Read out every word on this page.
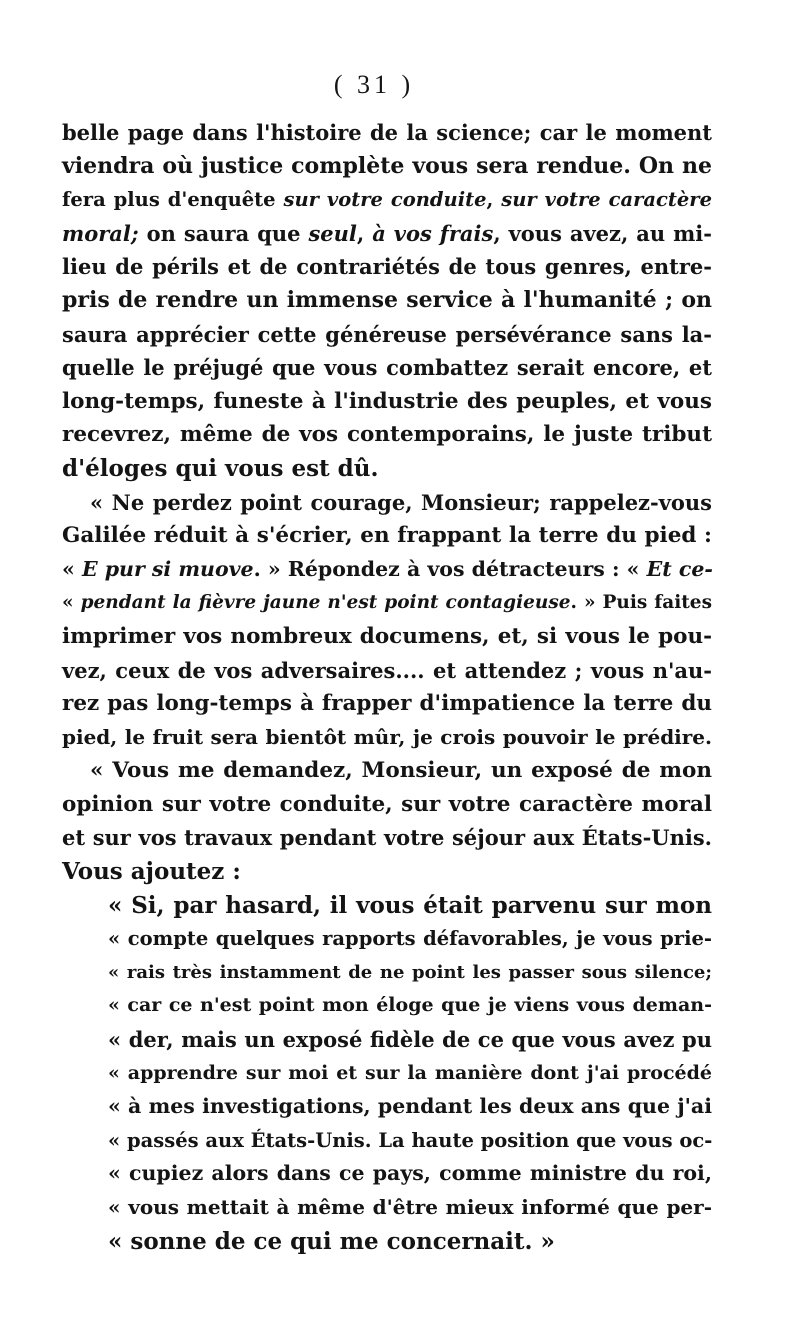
( 31 )
belle page dans l'histoire de la science; car le moment
viendra où justice complète vous sera rendue. On ne
fera plus d'enquête sur votre conduite, sur votre caractère
moral; on saura que seul, à vos frais, vous avez, au mi-
lieu de périls et de contrariétés de tous genres, entre-
pris de rendre un immense service à l'humanité ; on
saura apprécier cette généreuse persévérance sans la-
quelle le préjugé que vous combattez serait encore, et
long-temps, funeste à l'industrie des peuples, et vous
recevrez, même de vos contemporains, le juste tribut
d'éloges qui vous est dû.
« Ne perdez point courage, Monsieur; rappelez-vous
Galilée réduit à s'écrier, en frappant la terre du pied :
« E pur si muove. » Répondez à vos détracteurs : « Et ce-
« pendant la fièvre jaune n'est point contagieuse. » Puis faites
imprimer vos nombreux documens, et, si vous le pou-
vez, ceux de vos adversaires.... et attendez ; vous n'au-
rez pas long-temps à frapper d'impatience la terre du
pied, le fruit sera bientôt mûr, je crois pouvoir le prédire.
« Vous me demandez, Monsieur, un exposé de mon
opinion sur votre conduite, sur votre caractère moral
et sur vos travaux pendant votre séjour aux États-Unis.
Vous ajoutez :
« Si, par hasard, il vous était parvenu sur mon
« compte quelques rapports défavorables, je vous prie-
« rais très instamment de ne point les passer sous silence;
« car ce n'est point mon éloge que je viens vous deman-
« der, mais un exposé fidèle de ce que vous avez pu
« apprendre sur moi et sur la manière dont j'ai procédé
« à mes investigations, pendant les deux ans que j'ai
« passés aux États-Unis. La haute position que vous oc-
« cupiez alors dans ce pays, comme ministre du roi,
« vous mettait à même d'être mieux informé que per-
« sonne de ce qui me concernait. »
